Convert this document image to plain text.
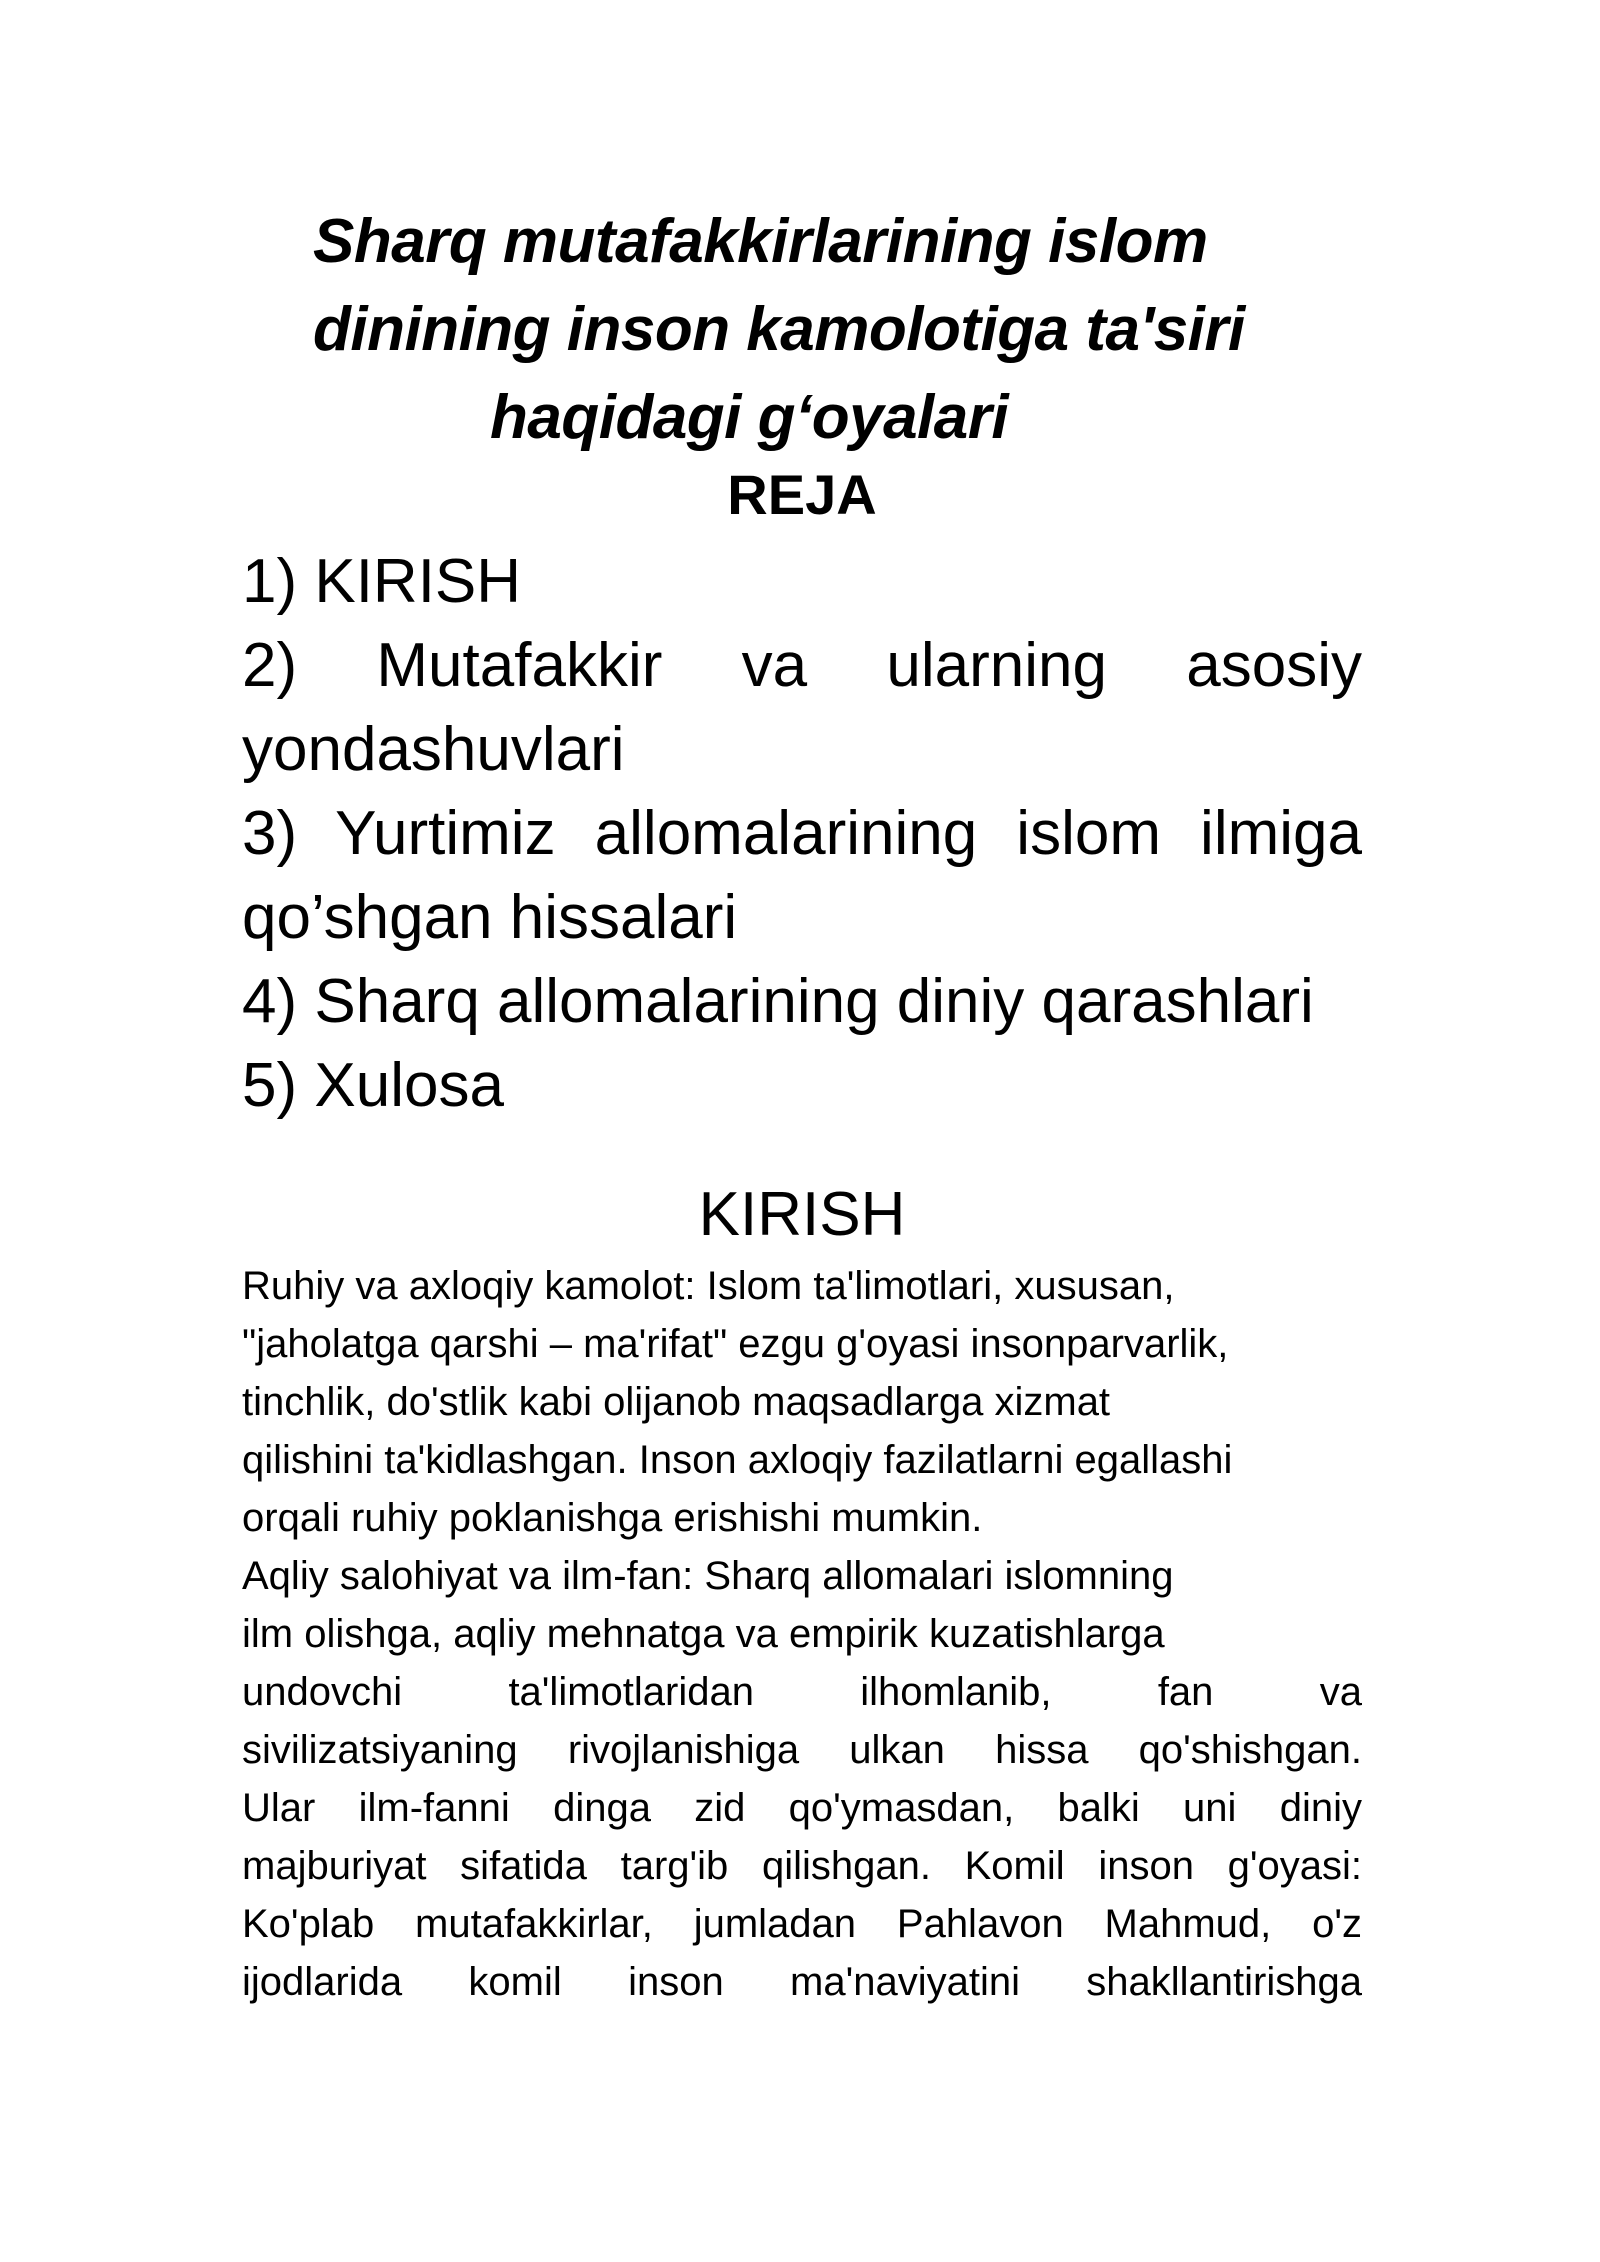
Sharq mutafakkirlarining islom
dinining inson kamolotiga ta'siri
haqidagi g‘oyalari
REJA
1) KIRISH
2) Mutafakkir va ularning asosiy yondashuvlari
3) Yurtimiz allomalarining islom ilmiga qo’shgan hissalari
4) Sharq allomalarining diniy qarashlari
5) Xulosa
KIRISH
Ruhiy va axloqiy kamolot: Islom ta'limotlari, xususan,
"jaholatga qarshi – ma'rifat" ezgu g'oyasi insonparvarlik,
tinchlik, do'stlik kabi olijanob maqsadlarga xizmat
qilishini ta'kidlashgan. Inson axloqiy fazilatlarni egallashi
orqali ruhiy poklanishga erishishi mumkin.
Aqliy salohiyat va ilm-fan: Sharq allomalari islomning
ilm olishga, aqliy mehnatga va empirik kuzatishlarga
undovchi ta'limotlaridan ilhomlanib, fan va
sivilizatsiyaning rivojlanishiga ulkan hissa qo'shishgan.
Ular ilm-fanni dinga zid qo'ymasdan, balki uni diniy
majburiyat sifatida targ'ib qilishgan. Komil inson g'oyasi:
Ko'plab mutafakkirlar, jumladan Pahlavon Mahmud, o'z
ijodlarida komil inson ma'naviyatini shakllantirishga
